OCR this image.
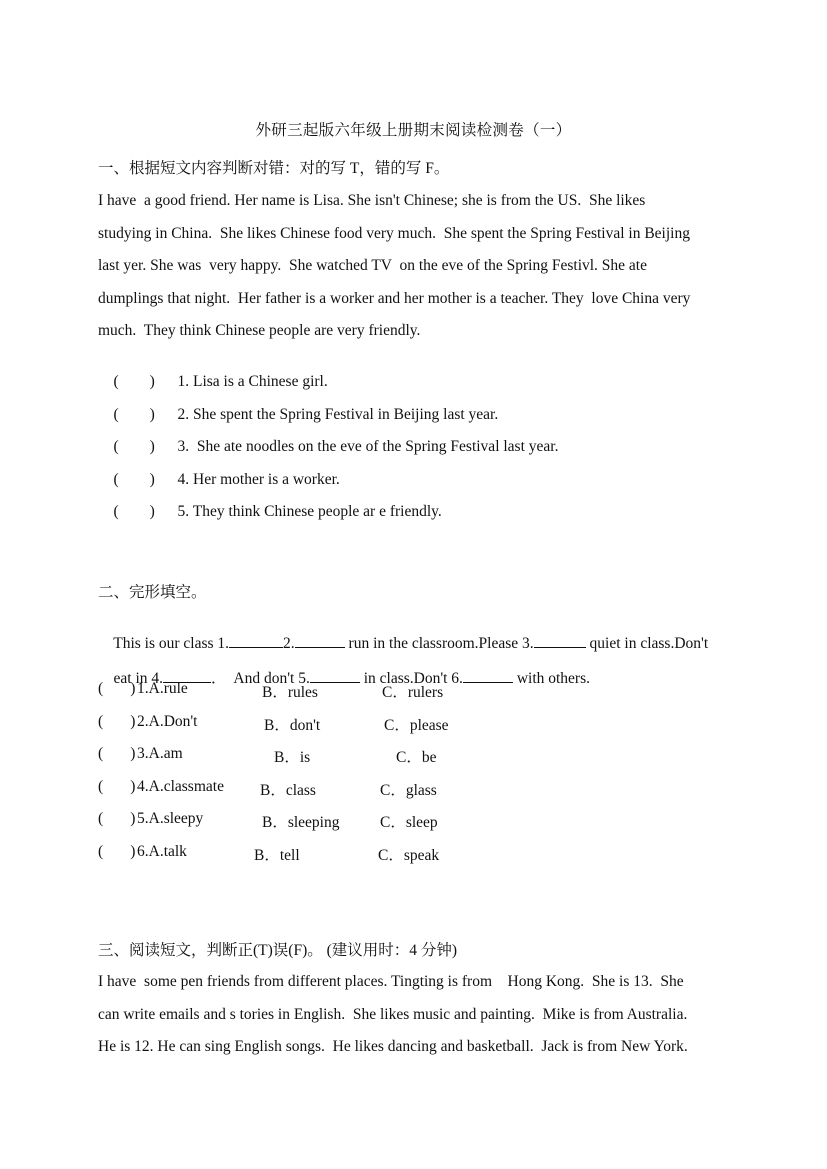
外研三起版六年级上册期末阅读检测卷（一）
一、根据短文内容判断对错：对的写 T，错的写 F。
I have  a good friend. Her name is Lisa. She isn't Chinese; she is from the US.  She likes
studying in China.  She likes Chinese food very much.  She spent the Spring Festival in Beijing
last yer. She was  very happy.  She watched TV  on the eve of the Spring Festivl. She ate
dumplings that night.  Her father is a worker and her mother is a teacher. They  love China very
much.  They think Chinese people are very friendly.

(        ) 1. Lisa is a Chinese girl.

(        ) 2. She spent the Spring Festival in Beijing last year.

(        ) 3.  She ate noodles on the eve of the Spring Festival last year.

(        ) 4. Her mother is a worker.

(        ) 5. They think Chinese people ar e friendly.

二、完形填空。

This is our class 1.	2.	run in the classroom.Please 3.	quiet in class.Don't

eat in 4.	．  And don't 5.	in class.Don't 6.	with others.

(       ) 1.A.rule	B．rules	C．rulers
(       ) 2.A.Don't	B．don't	C．please
(       ) 3.A.am	B．is	C．be
(       ) 4.A.classmate B．class	C．glass
(       ) 5.A.sleepy	B．sleeping	C．sleep
(       ) 6.A.talk	B．tell	C．speak
三、阅读短文，判断正(T)误(F)。 (建议用时：4 分钟)
I have  some pen friends from different places. Tingting is from    Hong Kong.  She is 13.  She
can write emails and s tories in English.  She likes music and painting.  Mike is from Australia.
He is 12. He can sing English songs.  He likes dancing and basketball.  Jack is from New York.
